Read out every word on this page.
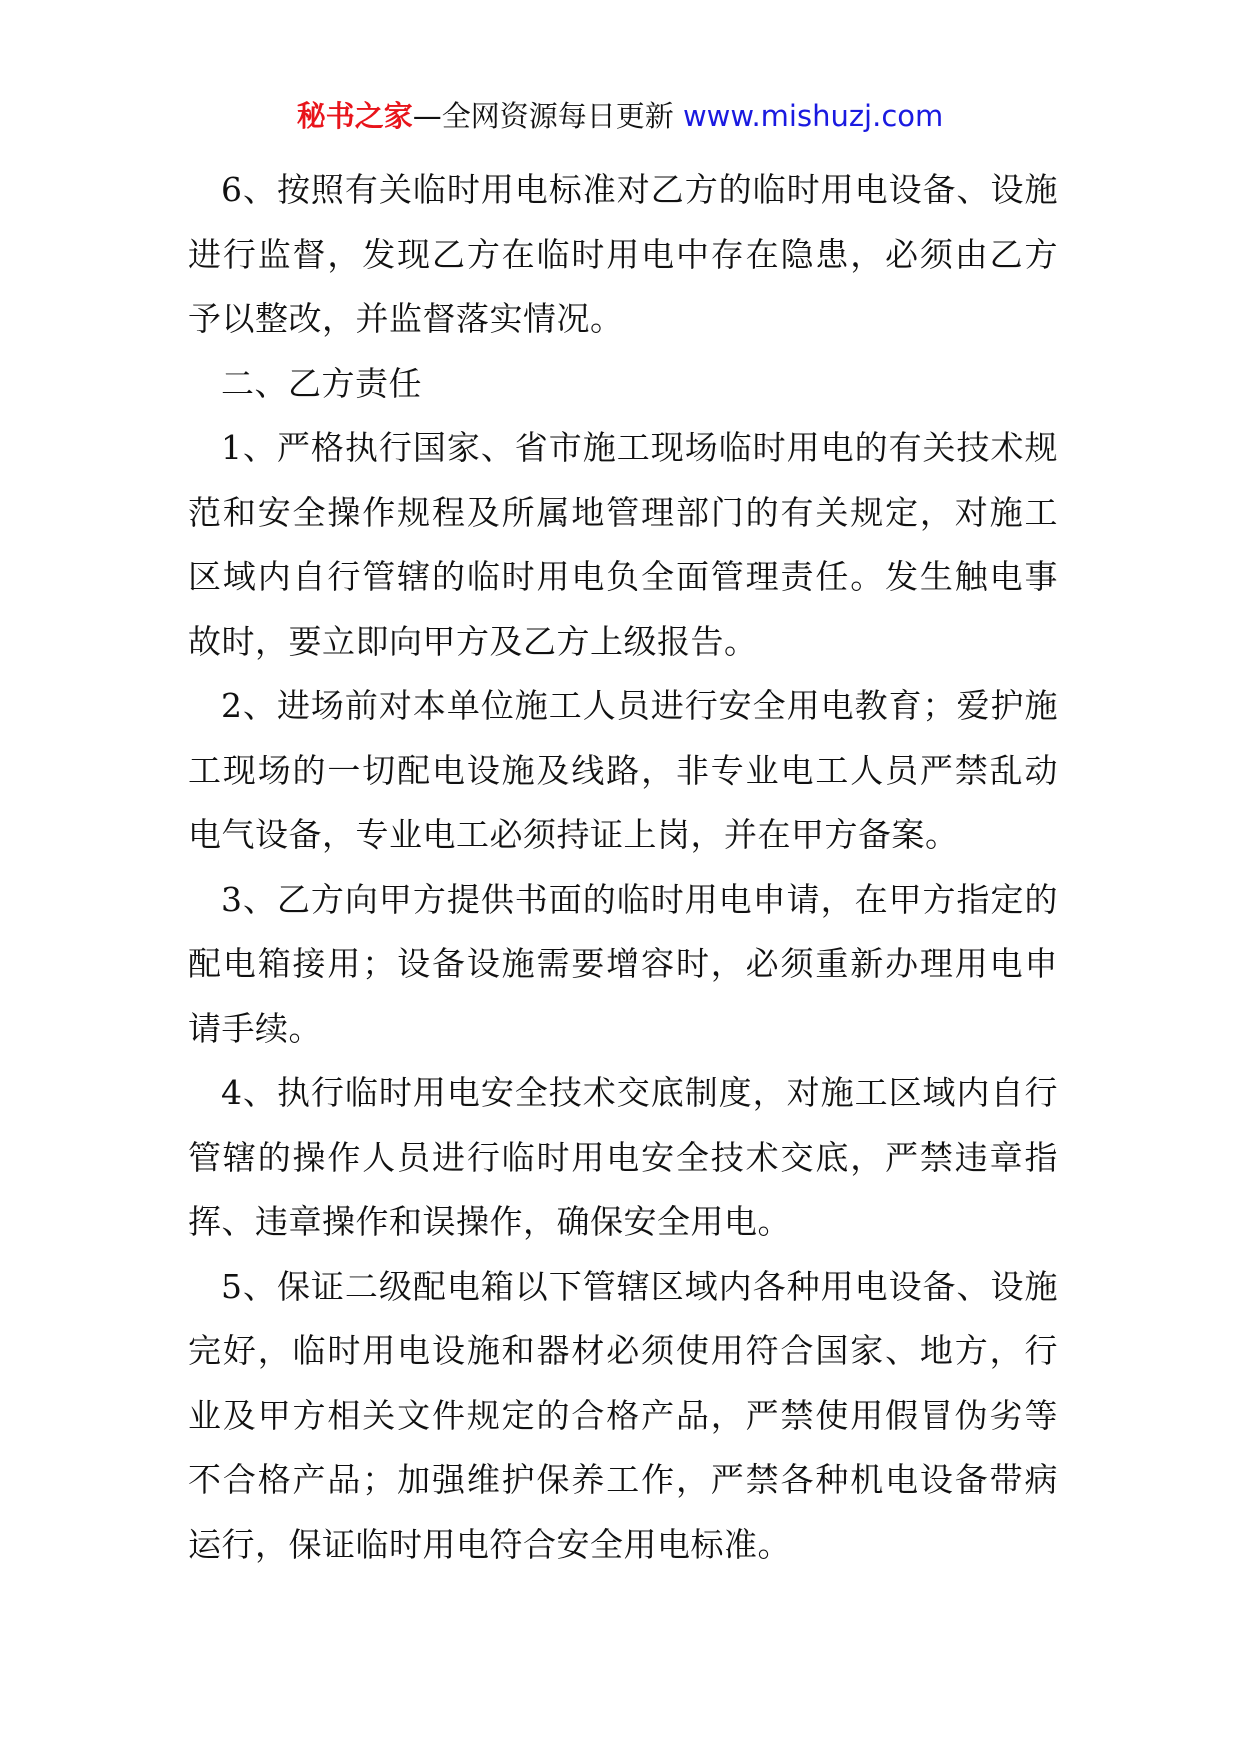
秘书之家—全网资源每日更新 www.mishuzj.com

6、按照有关临时用电标准对乙方的临时用电设备、设施进行监督，发现乙方在临时用电中存在隐患，必须由乙方予以整改，并监督落实情况。

二、乙方责任

1、严格执行国家、省市施工现场临时用电的有关技术规范和安全操作规程及所属地管理部门的有关规定，对施工区域内自行管辖的临时用电负全面管理责任。发生触电事故时，要立即向甲方及乙方上级报告。

2、进场前对本单位施工人员进行安全用电教育；爱护施工现场的一切配电设施及线路，非专业电工人员严禁乱动电气设备，专业电工必须持证上岗，并在甲方备案。

3、乙方向甲方提供书面的临时用电申请，在甲方指定的配电箱接用；设备设施需要增容时，必须重新办理用电申请手续。

4、执行临时用电安全技术交底制度，对施工区域内自行管辖的操作人员进行临时用电安全技术交底，严禁违章指挥、违章操作和误操作，确保安全用电。

5、保证二级配电箱以下管辖区域内各种用电设备、设施完好，临时用电设施和器材必须使用符合国家、地方，行业及甲方相关文件规定的合格产品，严禁使用假冒伪劣等不合格产品；加强维护保养工作，严禁各种机电设备带病运行，保证临时用电符合安全用电标准。
